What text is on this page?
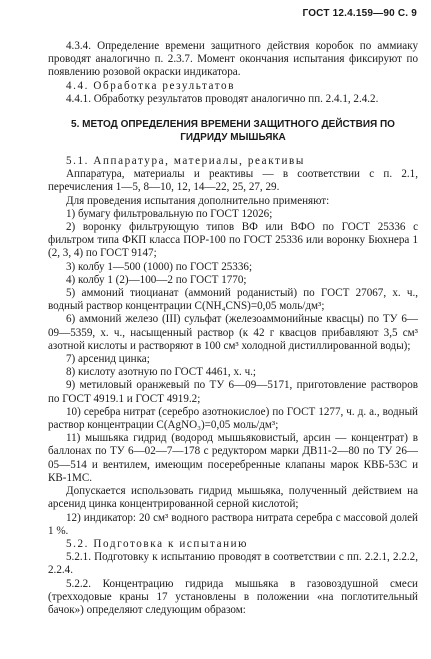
ГОСТ 12.4.159—90 С. 9

4.3.4. Определение времени защитного действия коробок по аммиаку проводят аналогично п. 2.3.7. Момент окончания испытания фиксируют по появлению розовой окраски индикатора.

4.4. Обработка результатов

4.4.1. Обработку результатов проводят аналогично пп. 2.4.1, 2.4.2.

5. МЕТОД ОПРЕДЕЛЕНИЯ ВРЕМЕНИ ЗАЩИТНОГО ДЕЙСТВИЯ ПО ГИДРИДУ МЫШЬЯКА

5.1. Аппаратура, материалы, реактивы

Аппаратура, материалы и реактивы — в соответствии с п. 2.1, перечисления 1—5, 8—10, 12, 14—22, 25, 27, 29.

Для проведения испытания дополнительно применяют:

1) бумагу фильтровальную по ГОСТ 12026;

2) воронку фильтрующую типов ВФ или ВФО по ГОСТ 25336 с фильтром типа ФКП класса ПОР-100 по ГОСТ 25336 или воронку Бюхнера 1 (2, 3, 4) по ГОСТ 9147;

3) колбу 1—500 (1000) по ГОСТ 25336;

4) колбу 1 (2)—100—2 по ГОСТ 1770;

5) аммоний тиоцианат (аммоний роданистый) по ГОСТ 27067, х. ч., водный раствор концентрации C(NH₄CNS)=0,05 моль/дм³;

6) аммоний железо (III) сульфат (железоаммонийные квасцы) по ТУ 6—09—5359, х. ч., насыщенный раствор (к 42 г квасцов прибавляют 3,5 см³ азотной кислоты и растворяют в 100 см³ холодной дистиллированной воды);

7) арсенид цинка;

8) кислоту азотную по ГОСТ 4461, х. ч.;

9) метиловый оранжевый по ТУ 6—09—5171, приготовление растворов по ГОСТ 4919.1 и ГОСТ 4919.2;

10) серебра нитрат (серебро азотнокислое) по ГОСТ 1277, ч. д. а., водный раствор концентрации C(AgNO₃)=0,05 моль/дм³;

11) мышьяка гидрид (водород мышьяковистый, арсин — концентрат) в баллонах по ТУ 6—02—7—178 с редуктором марки ДВ11-2—80 по ТУ 26—05—514 и вентилем, имеющим посеребренные клапаны марок КВБ-53С и КВ-1МС.

Допускается использовать гидрид мышьяка, полученный действием на арсенид цинка концентрированной серной кислотой;

12) индикатор: 20 см³ водного раствора нитрата серебра с массовой долей 1 %.

5.2. Подготовка к испытанию

5.2.1. Подготовку к испытанию проводят в соответствии с пп. 2.2.1, 2.2.2, 2.2.4.

5.2.2. Концентрацию гидрида мышьяка в газовоздушной смеси (трехходовые краны 17 установлены в положении «на поглотительный бачок») определяют следующим образом:
